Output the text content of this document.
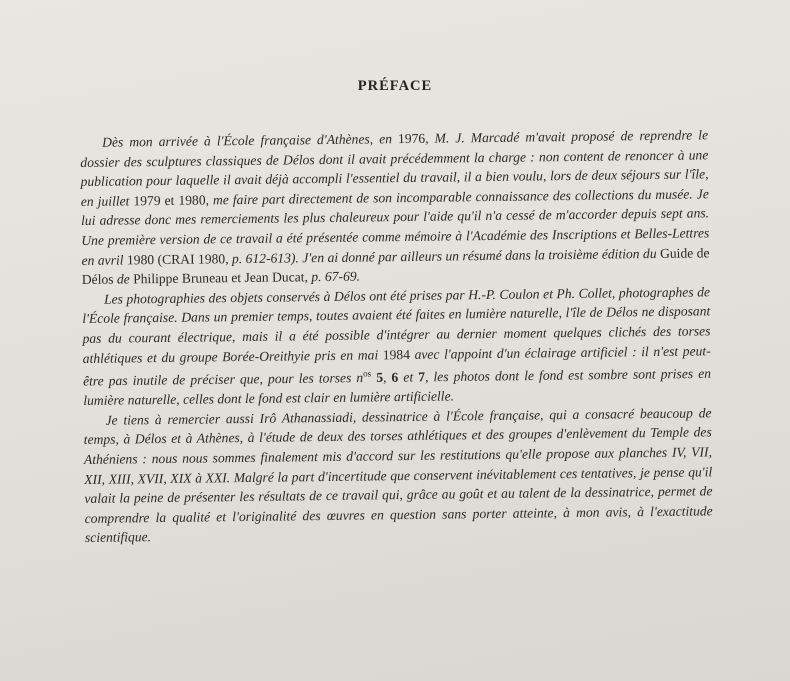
PRÉFACE

Dès mon arrivée à l'École française d'Athènes, en 1976, M. J. Marcadé m'avait proposé de reprendre le dossier des sculptures classiques de Délos dont il avait précédemment la charge : non content de renoncer à une publication pour laquelle il avait déjà accompli l'essentiel du travail, il a bien voulu, lors de deux séjours sur l'île, en juillet 1979 et 1980, me faire part directement de son incomparable connaissance des collections du musée. Je lui adresse donc mes remerciements les plus chaleureux pour l'aide qu'il n'a cessé de m'accorder depuis sept ans. Une première version de ce travail a été présentée comme mémoire à l'Académie des Inscriptions et Belles-Lettres en avril 1980 (CRAI 1980, p. 612-613). J'en ai donné par ailleurs un résumé dans la troisième édition du Guide de Délos de Philippe Bruneau et Jean Ducat, p. 67-69.

Les photographies des objets conservés à Délos ont été prises par H.-P. Coulon et Ph. Collet, photographes de l'École française. Dans un premier temps, toutes avaient été faites en lumière naturelle, l'île de Délos ne disposant pas du courant électrique, mais il a été possible d'intégrer au dernier moment quelques clichés des torses athlétiques et du groupe Borée-Oreithyie pris en mai 1984 avec l'appoint d'un éclairage artificiel : il n'est peut-être pas inutile de préciser que, pour les torses $n^{os}$ 5, 6 et 7, les photos dont le fond est sombre sont prises en lumière naturelle, celles dont le fond est clair en lumière artificielle.

Je tiens à remercier aussi Irô Athanassiadi, dessinatrice à l'École française, qui a consacré beaucoup de temps, à Délos et à Athènes, à l'étude de deux des torses athlétiques et des groupes d'enlèvement du Temple des Athéniens : nous nous sommes finalement mis d'accord sur les restitutions qu'elle propose aux planches IV, VII, XII, XIII, XVII, XIX à XXI. Malgré la part d'incertitude que conservent inévitablement ces tentatives, je pense qu'il valait la peine de présenter les résultats de ce travail qui, grâce au goût et au talent de la dessinatrice, permet de comprendre la qualité et l'originalité des œuvres en question sans porter atteinte, à mon avis, à l'exactitude scientifique.
